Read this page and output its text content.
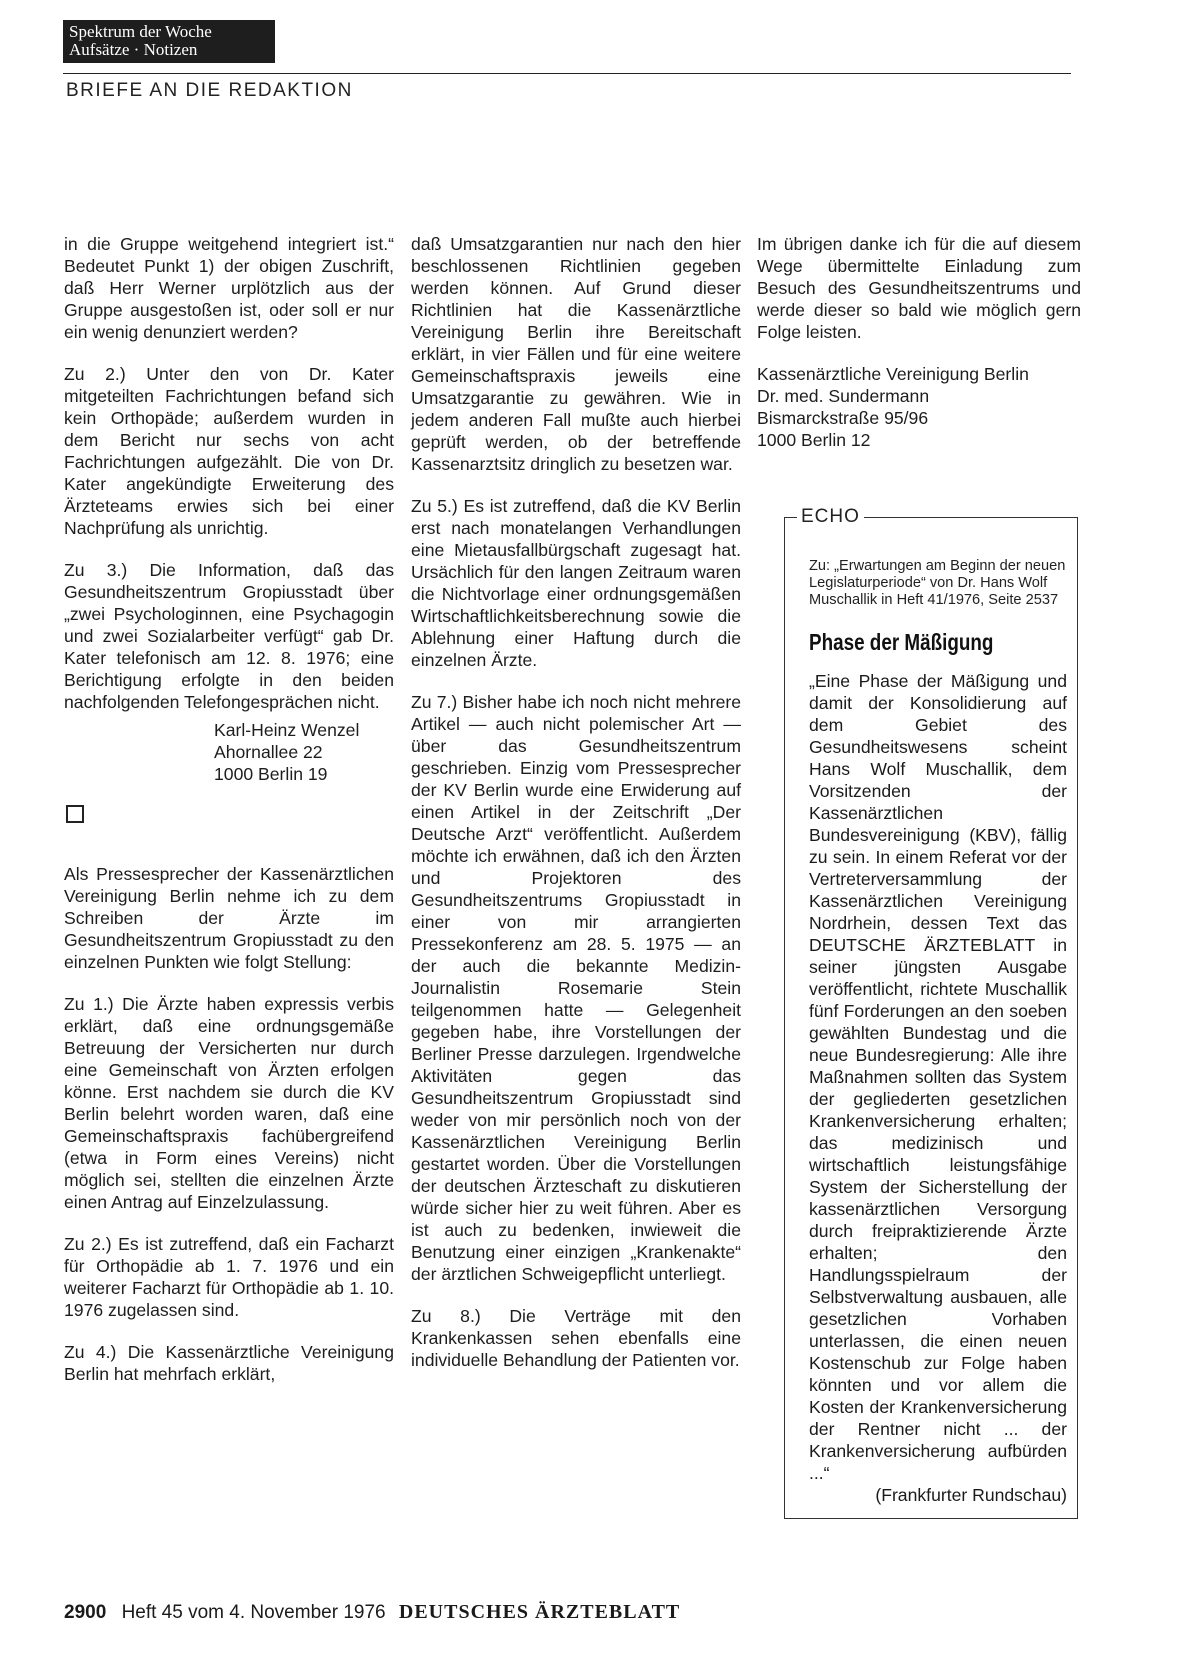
Spektrum der Woche
Aufsätze · Notizen
BRIEFE AN DIE REDAKTION

in die Gruppe weitgehend integriert ist.“ Bedeutet Punkt 1) der obigen Zuschrift, daß Herr Werner urplötzlich aus der Gruppe ausgestoßen ist, oder soll er nur ein wenig denunziert werden?

Zu 2.) Unter den von Dr. Kater mitgeteilten Fachrichtungen befand sich kein Orthopäde; außerdem wurden in dem Bericht nur sechs von acht Fachrichtungen aufgezählt. Die von Dr. Kater angekündigte Erweiterung des Ärzteteams erwies sich bei einer Nachprüfung als unrichtig.

Zu 3.) Die Information, daß das Gesundheitszentrum Gropiusstadt über „zwei Psychologinnen, eine Psychagogin und zwei Sozialarbeiter verfügt“ gab Dr. Kater telefonisch am 12. 8. 1976; eine Berichtigung erfolgte in den beiden nachfolgenden Telefongesprächen nicht.

Karl-Heinz Wenzel
Ahornallee 22
1000 Berlin 19

Als Pressesprecher der Kassenärztlichen Vereinigung Berlin nehme ich zu dem Schreiben der Ärzte im Gesundheitszentrum Gropiusstadt zu den einzelnen Punkten wie folgt Stellung:

Zu 1.) Die Ärzte haben expressis verbis erklärt, daß eine ordnungsgemäße Betreuung der Versicherten nur durch eine Gemeinschaft von Ärzten erfolgen könne. Erst nachdem sie durch die KV Berlin belehrt worden waren, daß eine Gemeinschaftspraxis fachübergreifend (etwa in Form eines Vereins) nicht möglich sei, stellten die einzelnen Ärzte einen Antrag auf Einzelzulassung.

Zu 2.) Es ist zutreffend, daß ein Facharzt für Orthopädie ab 1. 7. 1976 und ein weiterer Facharzt für Orthopädie ab 1. 10. 1976 zugelassen sind.

Zu 4.) Die Kassenärztliche Vereinigung Berlin hat mehrfach erklärt,

daß Umsatzgarantien nur nach den hier beschlossenen Richtlinien gegeben werden können. Auf Grund dieser Richtlinien hat die Kassenärztliche Vereinigung Berlin ihre Bereitschaft erklärt, in vier Fällen und für eine weitere Gemeinschaftspraxis jeweils eine Umsatzgarantie zu gewähren. Wie in jedem anderen Fall mußte auch hierbei geprüft werden, ob der betreffende Kassenarztsitz dringlich zu besetzen war.

Zu 5.) Es ist zutreffend, daß die KV Berlin erst nach monatelangen Verhandlungen eine Mietausfallbürgschaft zugesagt hat. Ursächlich für den langen Zeitraum waren die Nichtvorlage einer ordnungsgemäßen Wirtschaftlichkeitsberechnung sowie die Ablehnung einer Haftung durch die einzelnen Ärzte.

Zu 7.) Bisher habe ich noch nicht mehrere Artikel — auch nicht polemischer Art — über das Gesundheitszentrum geschrieben. Einzig vom Pressesprecher der KV Berlin wurde eine Erwiderung auf einen Artikel in der Zeitschrift „Der Deutsche Arzt“ veröffentlicht. Außerdem möchte ich erwähnen, daß ich den Ärzten und Projektoren des Gesundheitszentrums Gropiusstadt in einer von mir arrangierten Pressekonferenz am 28. 5. 1975 — an der auch die bekannte Medizin-Journalistin Rosemarie Stein teilgenommen hatte — Gelegenheit gegeben habe, ihre Vorstellungen der Berliner Presse darzulegen. Irgendwelche Aktivitäten gegen das Gesundheitszentrum Gropiusstadt sind weder von mir persönlich noch von der Kassenärztlichen Vereinigung Berlin gestartet worden. Über die Vorstellungen der deutschen Ärzteschaft zu diskutieren würde sicher hier zu weit führen. Aber es ist auch zu bedenken, inwieweit die Benutzung einer einzigen „Krankenakte“ der ärztlichen Schweigepflicht unterliegt.

Zu 8.) Die Verträge mit den Krankenkassen sehen ebenfalls eine individuelle Behandlung der Patienten vor.

Im übrigen danke ich für die auf diesem Wege übermittelte Einladung zum Besuch des Gesundheitszentrums und werde dieser so bald wie möglich gern Folge leisten.

Kassenärztliche Vereinigung Berlin
Dr. med. Sundermann
Bismarckstraße 95/96
1000 Berlin 12
ECHO
Zu: „Erwartungen am Beginn der neuen Legislaturperiode“ von Dr. Hans Wolf Muschallik in Heft 41/1976, Seite 2537
Phase der Mäßigung

„Eine Phase der Mäßigung und damit der Konsolidierung auf dem Gebiet des Gesundheitswesens scheint Hans Wolf Muschallik, dem Vorsitzenden der Kassenärztlichen Bundesvereinigung (KBV), fällig zu sein. In einem Referat vor der Vertreterversammlung der Kassenärztlichen Vereinigung Nordrhein, dessen Text das DEUTSCHE ÄRZTEBLATT in seiner jüngsten Ausgabe veröffentlicht, richtete Muschallik fünf Forderungen an den soeben gewählten Bundestag und die neue Bundesregierung: Alle ihre Maßnahmen sollten das System der gegliederten gesetzlichen Krankenversicherung erhalten; das medizinisch und wirtschaftlich leistungsfähige System der Sicherstellung der kassenärztlichen Versorgung durch freipraktizierende Ärzte erhalten; den Handlungsspielraum der Selbstverwaltung ausbauen, alle gesetzlichen Vorhaben unterlassen, die einen neuen Kostenschub zur Folge haben könnten und vor allem die Kosten der Krankenversicherung der Rentner nicht ... der Krankenversicherung aufbürden ...“

(Frankfurter Rundschau)

2900 Heft 45 vom 4. November 1976 DEUTSCHES ÄRZTEBLATT
